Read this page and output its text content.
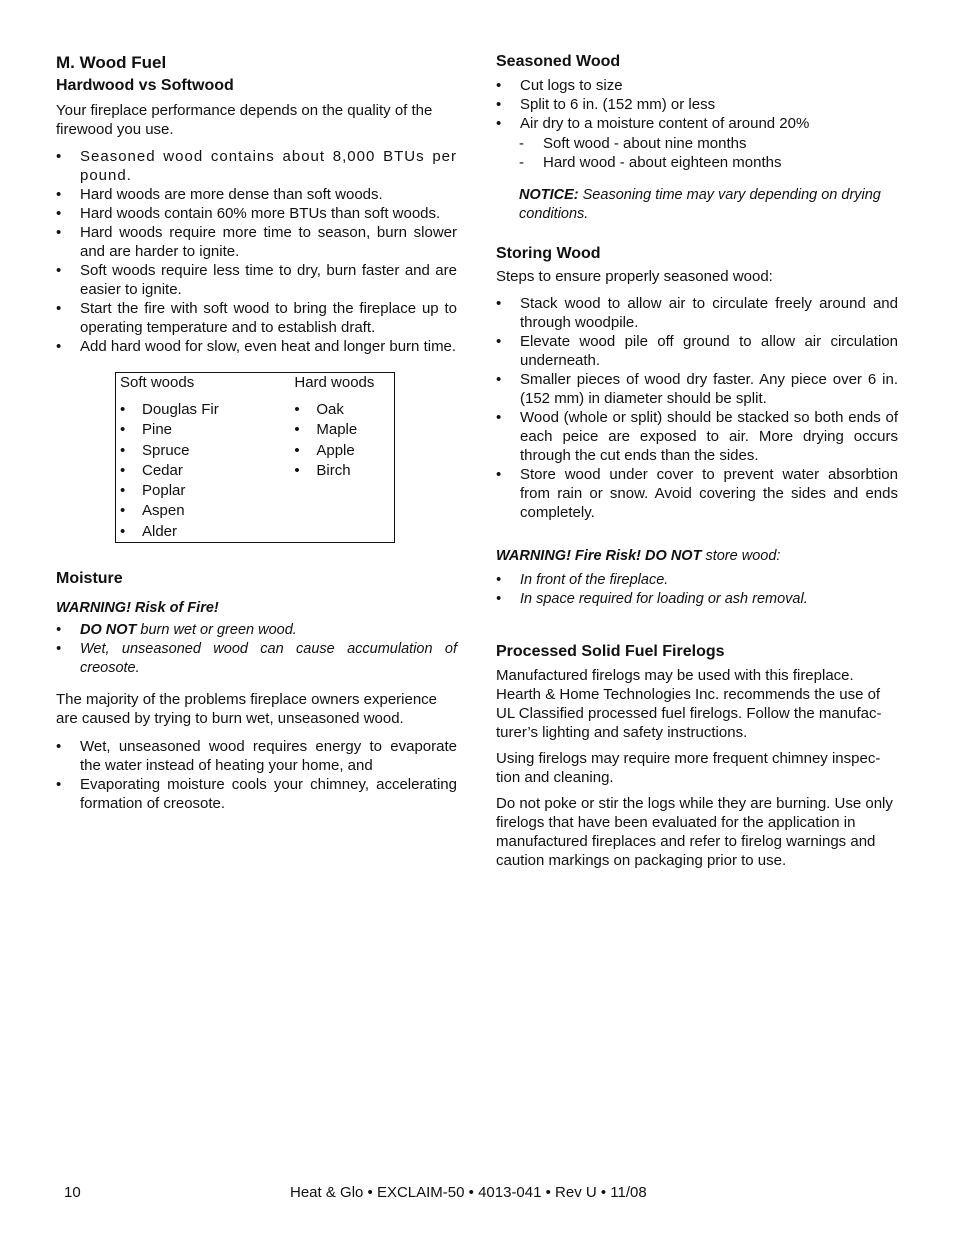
M. Wood Fuel
Hardwood vs Softwood

Your fireplace performance depends on the quality of the firewood you use.

• Seasoned wood contains about 8,000 BTUs per pound.
• Hard woods are more dense than soft woods.
• Hard woods contain 60% more BTUs than soft woods.
• Hard woods require more time to season, burn slower and are harder to ignite.
• Soft woods require less time to dry, burn faster and are easier to ignite.
• Start the fire with soft wood to bring the fireplace up to operating temperature and to establish draft.
• Add hard wood for slow, even heat and longer burn time.
Soft woods
• Douglas Fir
• Pine
• Spruce
• Cedar
• Poplar
• Aspen
• Alder
Hard woods
• Oak
• Maple
• Apple
• Birch
Moisture

WARNING! Risk of Fire!

• DO NOT burn wet or green wood.
• Wet, unseasoned wood can cause accumulation of creosote.

The majority of the problems fireplace owners experience are caused by trying to burn wet, unseasoned wood.

• Wet, unseasoned wood requires energy to evaporate the water instead of heating your home, and
• Evaporating moisture cools your chimney, accelerating formation of creosote.
Seasoned Wood
• Cut logs to size
• Split to 6 in. (152 mm) or less
• Air dry to a moisture content of around 20%
- Soft wood - about nine months
- Hard wood - about eighteen months

NOTICE: Seasoning time may vary depending on drying conditions.

Storing Wood

Steps to ensure properly seasoned wood:

• Stack wood to allow air to circulate freely around and through woodpile.
• Elevate wood pile off ground to allow air circulation underneath.
• Smaller pieces of wood dry faster. Any piece over 6 in. (152 mm) in diameter should be split.
• Wood (whole or split) should be stacked so both ends of each peice are exposed to air. More drying occurs through the cut ends than the sides.
• Store wood under cover to prevent water absorbtion from rain or snow. Avoid covering the sides and ends completely.

WARNING! Fire Risk! DO NOT store wood:

• In front of the fireplace.
• In space required for loading or ash removal.
Processed Solid Fuel Firelogs

Manufactured firelogs may be used with this fireplace. Hearth & Home Technologies Inc. recommends the use of UL Classified processed fuel firelogs. Follow the manufacturer’s lighting and safety instructions.

Using firelogs may require more frequent chimney inspection and cleaning.

Do not poke or stir the logs while they are burning. Use only firelogs that have been evaluated for the application in manufactured fireplaces and refer to firelog warnings and caution markings on packaging prior to use.

10	Heat & Glo • EXCLAIM-50 • 4013-041 • Rev U • 11/08
